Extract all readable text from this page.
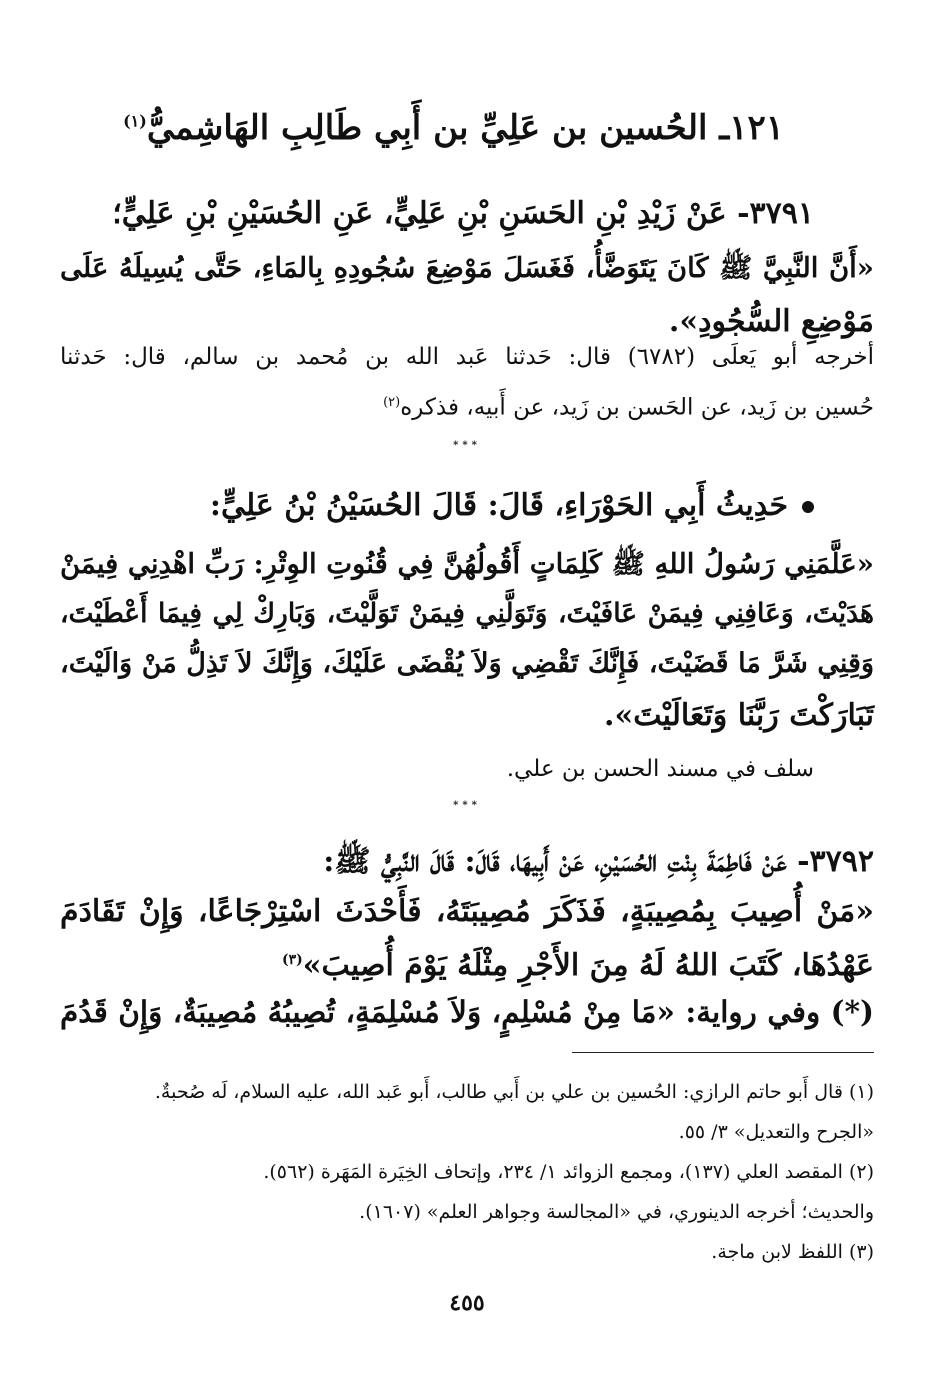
١٢١ـ الحُسين بن عَلِيِّ بن أَبِي طَالِبِ الهَاشِميُّ$^{(١)}$
٣٧٩١- عَنْ زَيْدِ بْنِ الحَسَنِ بْنِ عَلِيٍّ، عَنِ الحُسَيْنِ بْنِ عَلِيٍّ؛
«أَنَّ النَّبِيَّ ﷺ كَانَ يَتَوَضَّأُ، فَغَسَلَ مَوْضِعَ سُجُودِهِ بِالمَاءِ، حَتَّى يُسِيلَهُ عَلَى
مَوْضِعِ السُّجُودِ».
أخرجه أبو يَعلَى (٦٧٨٢) قال: حَدثنا عَبد الله بن مُحمد بن سالم، قال: حَدثنا
حُسين بن زَيد، عن الحَسن بن زَيد، عن أَبيه، فذكره$^{(٢)}$
***
حَدِيثُ أَبِي الحَوْرَاءِ، قَالَ: قَالَ الحُسَيْنُ بْنُ عَلِيٍّ:
«عَلَّمَنِي رَسُولُ اللهِ ﷺ كَلِمَاتٍ أَقُولُهُنَّ فِي قُنُوتِ الوِتْرِ: رَبِّ اهْدِنِي فِيمَنْ
هَدَيْتَ، وَعَافِنِي فِيمَنْ عَافَيْتَ، وَتَوَلَّنِي فِيمَنْ تَوَلَّيْتَ، وَبَارِكْ لِي فِيمَا أَعْطَيْتَ،
وَقِنِي شَرَّ مَا قَضَيْتَ، فَإِنَّكَ تَقْضِي وَلاَ يُقْضَى عَلَيْكَ، وَإِنَّكَ لاَ تَذِلُّ مَنْ وَالَيْتَ،
تَبَارَكْتَ رَبَّنَا وَتَعَالَيْتَ».
سلف في مسند الحسن بن علي.
***
٣٧٩٢- عَنْ فَاطِمَةَ بِنْتِ الحُسَيْنِ، عَنْ أَبِيهَا، قَالَ: قَالَ النَّبِيُّ ﷺ:
«مَنْ أُصِيبَ بِمُصِيبَةٍ، فَذَكَرَ مُصِيبَتَهُ، فَأَحْدَثَ اسْتِرْجَاعًا، وَإِنْ تَقَادَمَ
عَهْدُهَا، كَتَبَ اللهُ لَهُ مِنَ الأَجْرِ مِثْلَهُ يَوْمَ أُصِيبَ»$^{(٣)}$
(*) وفي رواية: «مَا مِنْ مُسْلِمٍ، وَلاَ مُسْلِمَةٍ، تُصِيبُهُ مُصِيبَةٌ، وَإِنْ قَدُمَ
(١) قال أَبو حاتم الرازي: الحُسين بن علي بن أَبي طالب، أَبو عَبد الله، عليه السلام، لَه صُحبةٌ.
«الجرح والتعديل» ٣/ ٥٥.
(٢) المقصد العلي (١٣٧)، ومجمع الزوائد ١/ ٢٣٤، وإتحاف الخِيَرة المَهَرة (٥٦٢).
والحديث؛ أخرجه الدينوري، في «المجالسة وجواهر العلم» (١٦٠٧).
(٣) اللفظ لابن ماجة.
٤٥٥
